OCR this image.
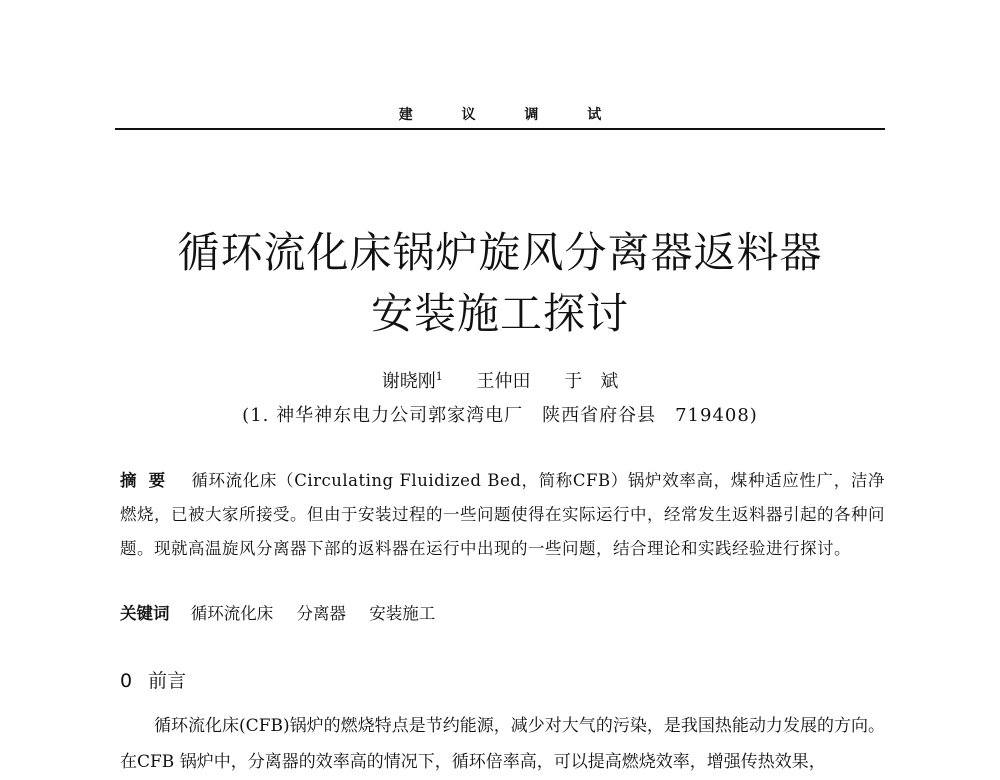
建 议 调 试
循环流化床锅炉旋风分离器返料器
安装施工探讨
谢晓刚$^1$ 王仲田 于　斌
(1. 神华神东电力公司郭家湾电厂　陕西省府谷县　719408)
摘要 循环流化床（Circulating Fluidized Bed，简称CFB）锅炉效率高，煤种适应性广，洁净燃烧，已被大家所接受。但由于安装过程的一些问题使得在实际运行中，经常发生返料器引起的各种问题。现就高温旋风分离器下部的返料器在运行中出现的一些问题，结合理论和实践经验进行探讨。
关键词 循环流化床 分离器 安装施工
0 前言
循环流化床(CFB)锅炉的燃烧特点是节约能源，减少对大气的污染，是我国热能动力发展的方向。在CFB 锅炉中，分离器的效率高的情况下，循环倍率高，可以提高燃烧效率，增强传热效果，
